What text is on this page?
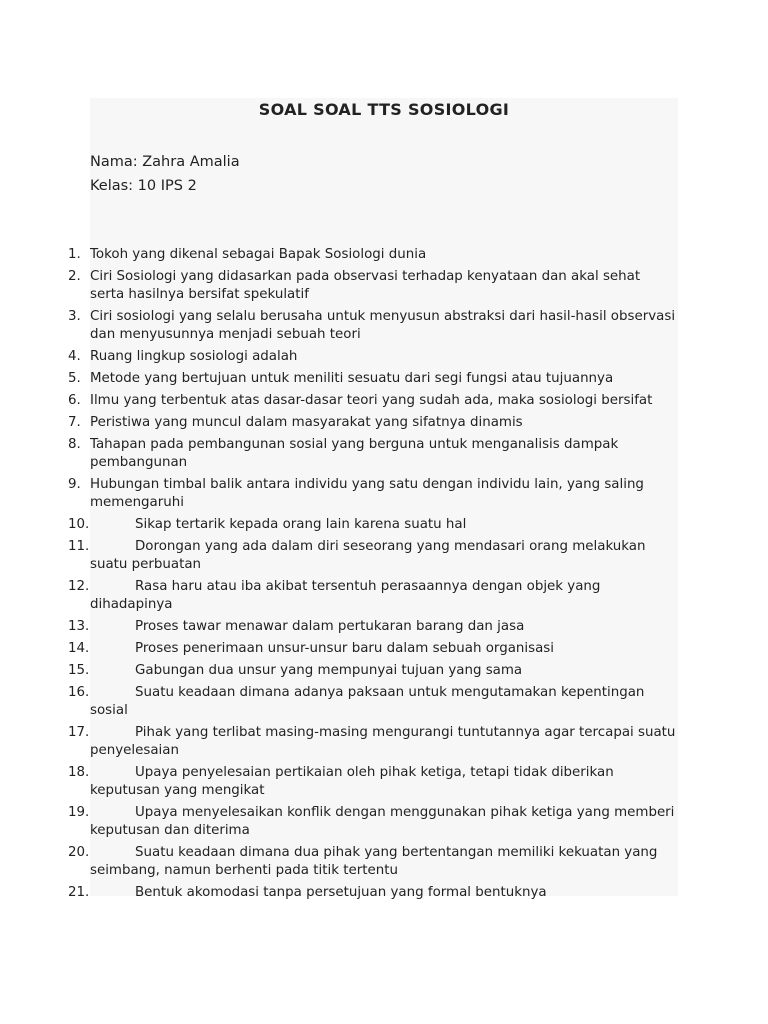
SOAL SOAL TTS SOSIOLOGI
Nama: Zahra Amalia
Kelas: 10 IPS 2
1. Tokoh yang dikenal sebagai Bapak Sosiologi dunia
2. Ciri Sosiologi yang didasarkan pada observasi terhadap kenyataan dan akal sehat serta hasilnya bersifat spekulatif
3. Ciri sosiologi yang selalu berusaha untuk menyusun abstraksi dari hasil-hasil observasi dan menyusunnya menjadi sebuah teori
4. Ruang lingkup sosiologi adalah
5. Metode yang bertujuan untuk meniliti sesuatu dari segi fungsi atau tujuannya
6. Ilmu yang terbentuk atas dasar-dasar teori yang sudah ada, maka sosiologi bersifat
7. Peristiwa yang muncul dalam masyarakat yang sifatnya dinamis
8. Tahapan pada pembangunan sosial yang berguna untuk menganalisis dampak pembangunan
9. Hubungan timbal balik antara individu yang satu dengan individu lain, yang saling memengaruhi
10.	Sikap tertarik kepada orang lain karena suatu hal
11.	Dorongan yang ada dalam diri seseorang yang mendasari orang melakukan suatu perbuatan
12.	Rasa haru atau iba akibat tersentuh perasaannya dengan objek yang dihadapinya
13.	Proses tawar menawar dalam pertukaran barang dan jasa
14.	Proses penerimaan unsur-unsur baru dalam sebuah organisasi
15.	Gabungan dua unsur yang mempunyai tujuan yang sama
16.	Suatu keadaan dimana adanya paksaan untuk mengutamakan kepentingan sosial
17.	Pihak yang terlibat masing-masing mengurangi tuntutannya agar tercapai suatu penyelesaian
18.	Upaya penyelesaian pertikaian oleh pihak ketiga, tetapi tidak diberikan keputusan yang mengikat
19.	Upaya menyelesaikan konflik dengan menggunakan pihak ketiga yang memberi keputusan dan diterima
20.	Suatu keadaan dimana dua pihak yang bertentangan memiliki kekuatan yang seimbang, namun berhenti pada titik tertentu
21.	Bentuk akomodasi tanpa persetujuan yang formal bentuknya
